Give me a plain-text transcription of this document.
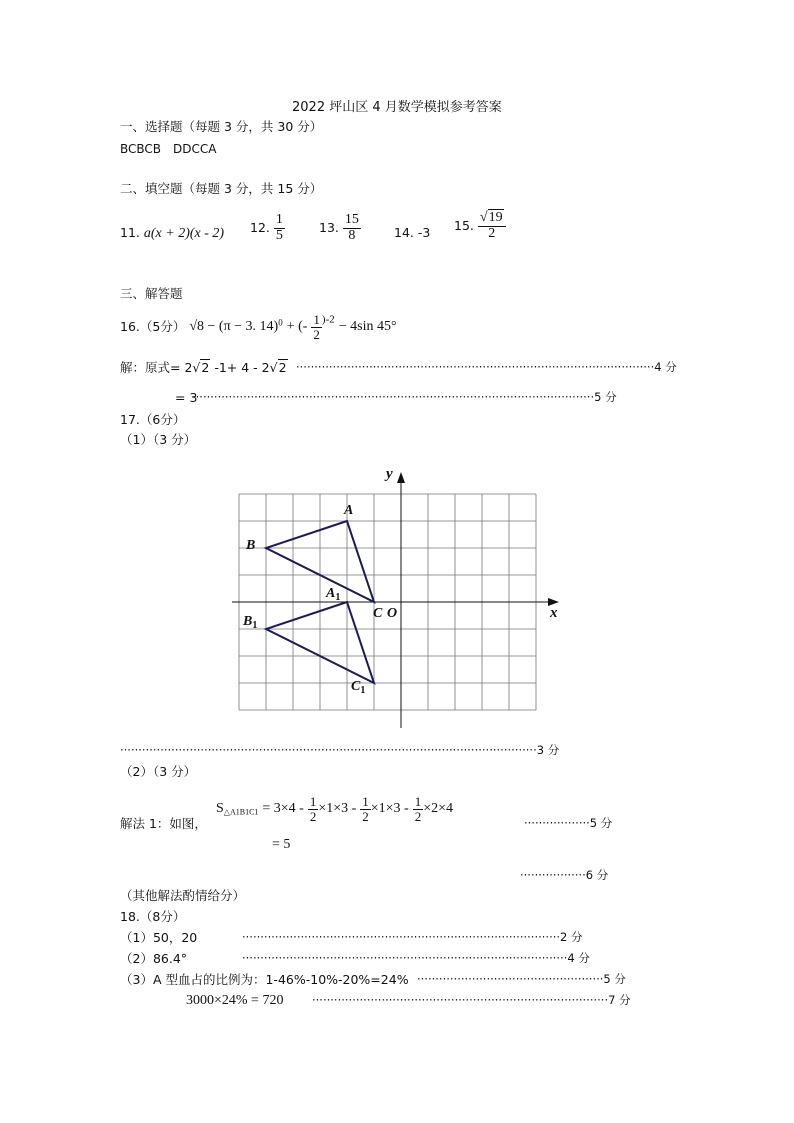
2022 坪山区 4 月数学模拟参考答案
一、选择题（每题 3 分，共 30 分）
BCBCB　DDCCA
二、填空题（每题 3 分，共 15 分）
11. a(x + 2)(x - 2) 12. $\frac{1}{5}$	13. $\frac{15}{8}$	14. -3 15. $\frac{√19}{2}$
三、解答题
16.（5分） √8 − (π − 3. 14)$^0$ + (- $\frac{1}{2} )-2 - 4\sin$ 45°
解：原式= 2√2 -1+ 4 - 2√2 ··································································································4 分
= 3
··············································································································5 分
17.（6分）
（1）（3 分）
y
x
A
B
C O
$A_1$
$B_1$
$C_1$
··················································································································3 分
（2）（3 分）
解法 1：如图，
S△A1B1C1 = $3\times 4 - \frac{1}{2} \times 1\times 3 - \frac{1}{2} \times 1\times 3 - \frac{1}{2} \times 2\times 4$
··················5 分
= 5
··················6 分
（其他解法酌情给分）
18.（8分）
（1）50，20	·······················································································2 分
（2）86.4°	·························································································4 分
（3）A 型血占的比例为：1-46%-10%-20%=24% ···················································5 分
3000×24% = 720 ·················································································7 分
